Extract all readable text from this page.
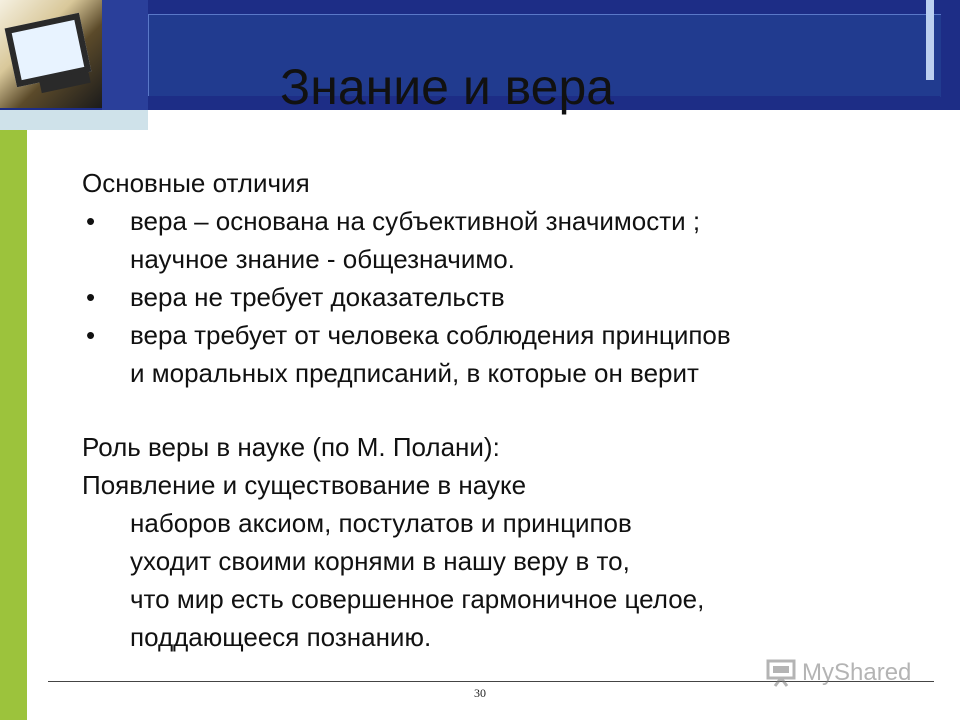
Знание и вера
Основные отличия
• вера – основана на субъективной значимости ;
научное знание - общезначимо.
• вера не требует доказательств
• вера требует от человека соблюдения принципов
и моральных предписаний, в которые он верит
Роль веры в науке (по М. Полани):
Появление и существование в науке
наборов аксиом, постулатов и принципов
уходит своими корнями в нашу веру в то,
что мир есть совершенное гармоничное целое,
поддающееся познанию.
30
MyShared
